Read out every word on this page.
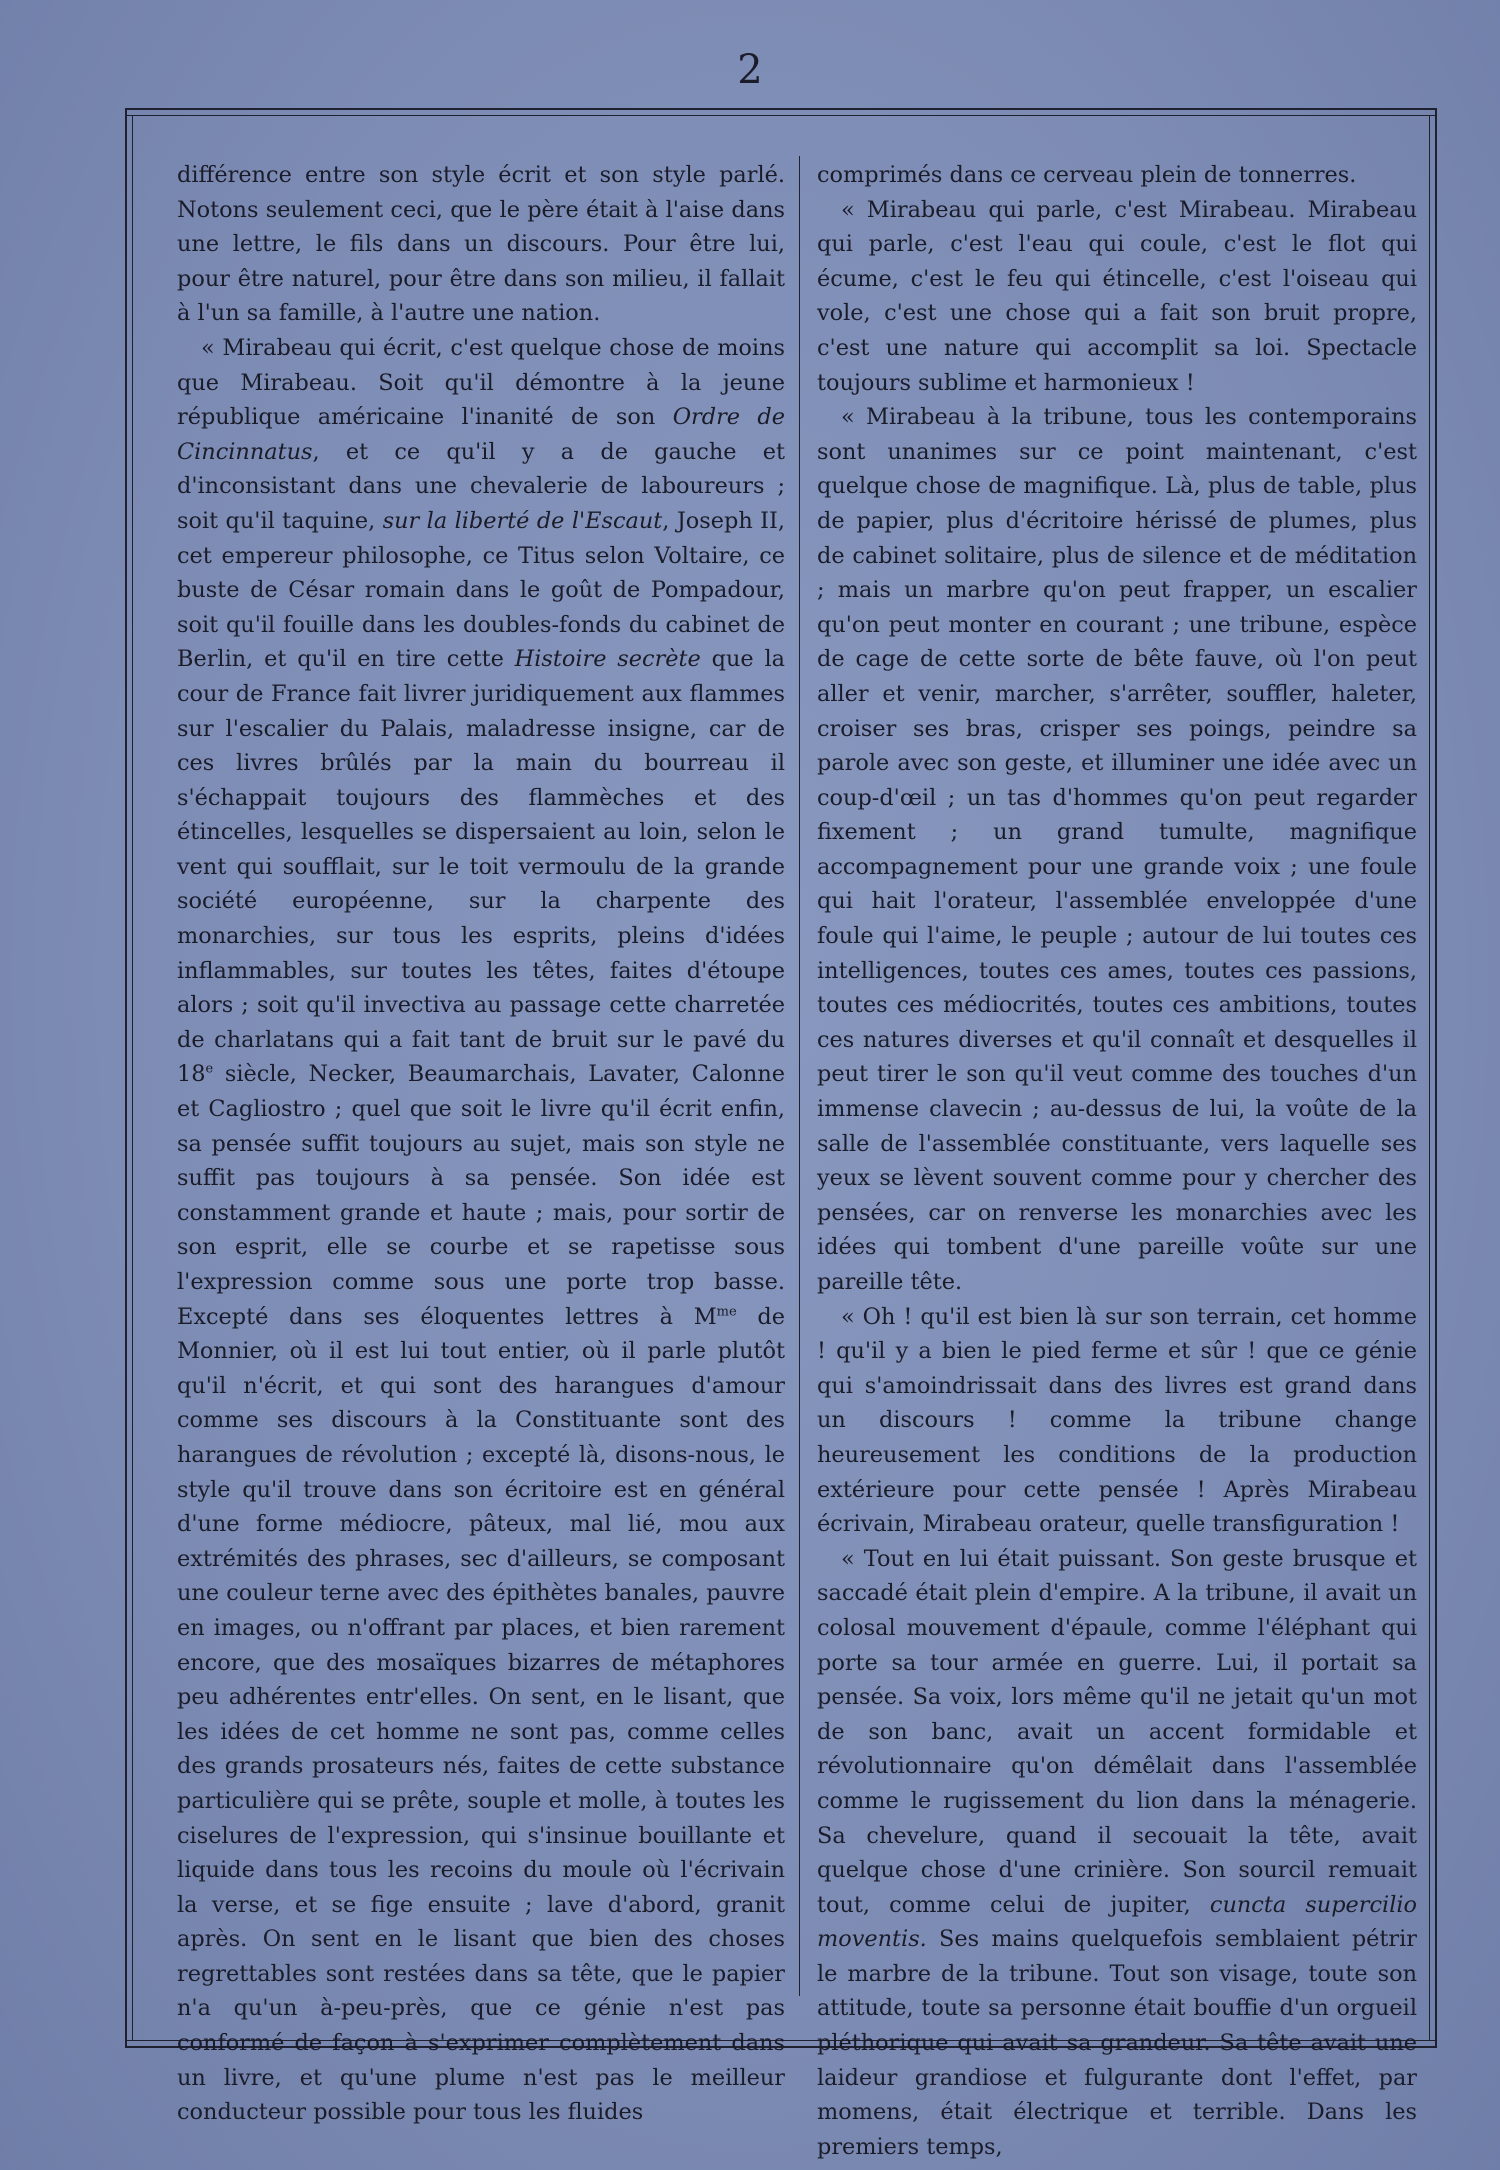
2

différence entre son style écrit et son style parlé. Notons seulement ceci, que le père était à l'aise dans une lettre, le fils dans un discours. Pour être lui, pour être naturel, pour être dans son milieu, il fallait à l'un sa famille, à l'autre une nation.

« Mirabeau qui écrit, c'est quelque chose de moins que Mirabeau. Soit qu'il démontre à la jeune république américaine l'inanité de son Ordre de Cincinnatus, et ce qu'il y a de gauche et d'inconsistant dans une chevalerie de laboureurs ; soit qu'il taquine, sur la liberté de l'Escaut, Joseph II, cet empereur philosophe, ce Titus selon Voltaire, ce buste de César romain dans le goût de Pompadour, soit qu'il fouille dans les doubles-fonds du cabinet de Berlin, et qu'il en tire cette Histoire secrète que la cour de France fait livrer juridiquement aux flammes sur l'escalier du Palais, maladresse insigne, car de ces livres brûlés par la main du bourreau il s'échappait toujours des flammèches et des étincelles, lesquelles se dispersaient au loin, selon le vent qui soufflait, sur le toit vermoulu de la grande société européenne, sur la charpente des monarchies, sur tous les esprits, pleins d'idées inflammables, sur toutes les têtes, faites d'étoupe alors ; soit qu'il invectiva au passage cette charretée de charlatans qui a fait tant de bruit sur le pavé du 18e siècle, Necker, Beaumarchais, Lavater, Calonne et Cagliostro ; quel que soit le livre qu'il écrit enfin, sa pensée suffit toujours au sujet, mais son style ne suffit pas toujours à sa pensée. Son idée est constamment grande et haute ; mais, pour sortir de son esprit, elle se courbe et se rapetisse sous l'expression comme sous une porte trop basse. Excepté dans ses éloquentes lettres à $M^{me}$ de Monnier, où il est lui tout entier, où il parle plutôt qu'il n'écrit, et qui sont des harangues d'amour comme ses discours à la Constituante sont des harangues de révolution ; excepté là, disons-nous, le style qu'il trouve dans son écritoire est en général d'une forme médiocre, pâteux, mal lié, mou aux extrémités des phrases, sec d'ailleurs, se composant une couleur terne avec des épithètes banales, pauvre en images, ou n'offrant par places, et bien rarement encore, que des mosaïques bizarres de métaphores peu adhérentes entr'elles. On sent, en le lisant, que les idées de cet homme ne sont pas, comme celles des grands prosateurs nés, faites de cette substance particulière qui se prête, souple et molle, à toutes les ciselures de l'expression, qui s'insinue bouillante et liquide dans tous les recoins du moule où l'écrivain la verse, et se fige ensuite ; lave d'abord, granit après. On sent en le lisant que bien des choses regrettables sont restées dans sa tête, que le papier n'a qu'un à-peu-près, que ce génie n'est pas conformé de façon à s'exprimer complètement dans un livre, et qu'une plume n'est pas le meilleur conducteur possible pour tous les fluides

comprimés dans ce cerveau plein de tonnerres.

« Mirabeau qui parle, c'est Mirabeau. Mirabeau qui parle, c'est l'eau qui coule, c'est le flot qui écume, c'est le feu qui étincelle, c'est l'oiseau qui vole, c'est une chose qui a fait son bruit propre, c'est une nature qui accomplit sa loi. Spectacle toujours sublime et harmonieux !

« Mirabeau à la tribune, tous les contemporains sont unanimes sur ce point maintenant, c'est quelque chose de magnifique. Là, plus de table, plus de papier, plus d'écritoire hérissé de plumes, plus de cabinet solitaire, plus de silence et de méditation ; mais un marbre qu'on peut frapper, un escalier qu'on peut monter en courant ; une tribune, espèce de cage de cette sorte de bête fauve, où l'on peut aller et venir, marcher, s'arrêter, souffler, haleter, croiser ses bras, crisper ses poings, peindre sa parole avec son geste, et illuminer une idée avec un coup-d'œil ; un tas d'hommes qu'on peut regarder fixement ; un grand tumulte, magnifique accompagnement pour une grande voix ; une foule qui hait l'orateur, l'assemblée enveloppée d'une foule qui l'aime, le peuple ; autour de lui toutes ces intelligences, toutes ces ames, toutes ces passions, toutes ces médiocrités, toutes ces ambitions, toutes ces natures diverses et qu'il connaît et desquelles il peut tirer le son qu'il veut comme des touches d'un immense clavecin ; au-dessus de lui, la voûte de la salle de l'assemblée constituante, vers laquelle ses yeux se lèvent souvent comme pour y chercher des pensées, car on renverse les monarchies avec les idées qui tombent d'une pareille voûte sur une pareille tête.

« Oh ! qu'il est bien là sur son terrain, cet homme ! qu'il y a bien le pied ferme et sûr ! que ce génie qui s'amoindrissait dans des livres est grand dans un discours ! comme la tribune change heureusement les conditions de la production extérieure pour cette pensée ! Après Mirabeau écrivain, Mirabeau orateur, quelle transfiguration !

« Tout en lui était puissant. Son geste brusque et saccadé était plein d'empire. A la tribune, il avait un colosal mouvement d'épaule, comme l'éléphant qui porte sa tour armée en guerre. Lui, il portait sa pensée. Sa voix, lors même qu'il ne jetait qu'un mot de son banc, avait un accent formidable et révolutionnaire qu'on démêlait dans l'assemblée comme le rugissement du lion dans la ménagerie. Sa chevelure, quand il secouait la tête, avait quelque chose d'une crinière. Son sourcil remuait tout, comme celui de jupiter, cuncta supercilio moventis. Ses mains quelquefois semblaient pétrir le marbre de la tribune. Tout son visage, toute son attitude, toute sa personne était bouffie d'un orgueil pléthorique qui avait sa grandeur. Sa tête avait une laideur grandiose et fulgurante dont l'effet, par momens, était électrique et terrible. Dans les premiers temps,
